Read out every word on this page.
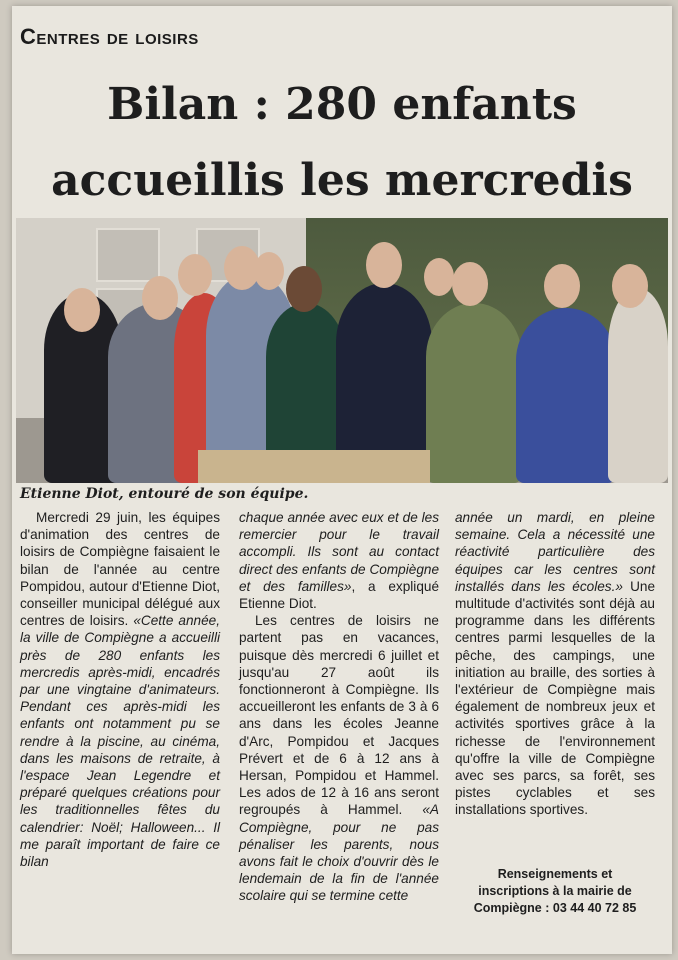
Centres de loisirs
Bilan : 280 enfants
accueillis les mercredis
Etienne Diot, entouré de son équipe.

Mercredi 29 juin, les équipes d'animation des centres de loisirs de Compiègne faisaient le bilan de l'année au centre Pompidou, autour d'Etienne Diot, conseiller municipal délégué aux centres de loisirs. «Cette année, la ville de Compiègne a accueilli près de 280 enfants les mercredis après-midi, encadrés par une vingtaine d'animateurs. Pendant ces après-midi les enfants ont notamment pu se rendre à la piscine, au cinéma, dans les maisons de retraite, à l'espace Jean Legendre et préparé quelques créations pour les traditionnelles fêtes du calendrier: Noël; Halloween... Il me paraît important de faire ce bilan

chaque année avec eux et de les remercier pour le travail accompli. Ils sont au contact direct des enfants de Compiègne et des familles», a expliqué Etienne Diot.

Les centres de loisirs ne partent pas en vacances, puisque dès mercredi 6 juillet et jusqu'au 27 août ils fonctionneront à Compiègne. Ils accueilleront les enfants de 3 à 6 ans dans les écoles Jeanne d'Arc, Pompidou et Jacques Prévert et de 6 à 12 ans à Hersan, Pompidou et Hammel. Les ados de 12 à 16 ans seront regroupés à Hammel. «A Compiègne, pour ne pas pénaliser les parents, nous avons fait le choix d'ouvrir dès le lendemain de la fin de l'année scolaire qui se termine cette

année un mardi, en pleine semaine. Cela a nécessité une réactivité particulière des équipes car les centres sont installés dans les écoles.» Une multitude d'activités sont déjà au programme dans les différents centres parmi lesquelles de la pêche, des campings, une initiation au braille, des sorties à l'extérieur de Compiègne mais également de nombreux jeux et activités sportives grâce à la richesse de l'environnement qu'offre la ville de Compiègne avec ses parcs, sa forêt, ses pistes cyclables et ses installations sportives.

Renseignements et
inscriptions à la mairie de
Compiègne : 03 44 40 72 85
